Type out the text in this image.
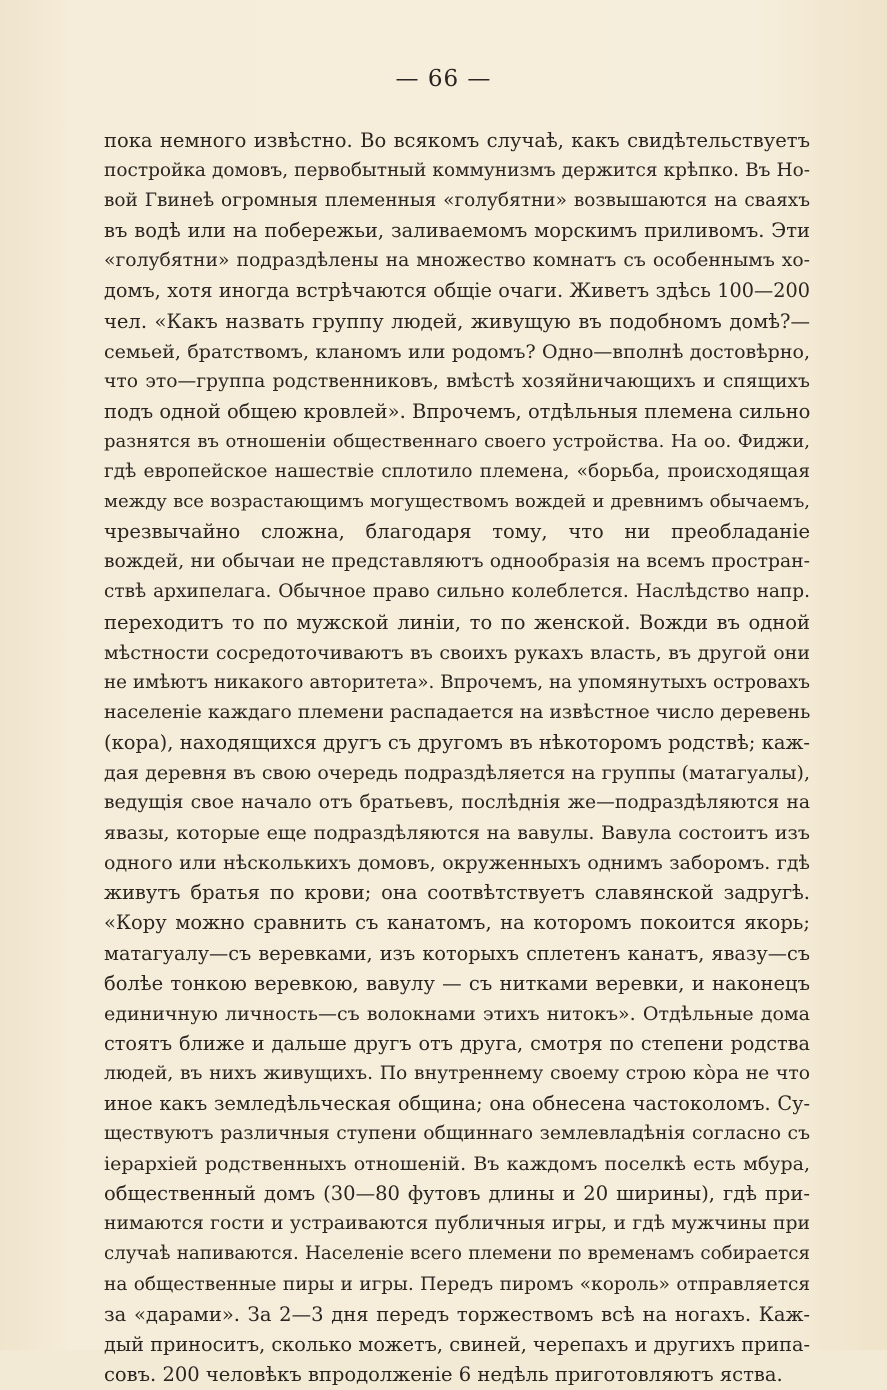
— 66 —
пока немного извѣстно. Во всякомъ случаѣ, какъ свидѣтельствуетъ
постройка домовъ, первобытный коммунизмъ держится крѣпко. Въ Но-
вой Гвинеѣ огромныя племенныя «голубятни» возвышаются на сваяхъ
въ водѣ или на побережьи, заливаемомъ морскимъ приливомъ. Эти
«голубятни» подраздѣлены на множество комнатъ съ особеннымъ хо-
домъ, хотя иногда встрѣчаются общіе очаги. Живетъ здѣсь 100—200
чел. «Какъ назвать группу людей, живущую въ подобномъ домѣ?—
семьей, братствомъ, кланомъ или родомъ? Одно—вполнѣ достовѣрно,
что это—группа родственниковъ, вмѣстѣ хозяйничающихъ и спящихъ
подъ одной общею кровлей». Впрочемъ, отдѣльныя племена сильно
разнятся въ отношеніи общественнаго своего устройства. На оо. Фиджи,
гдѣ европейское нашествіе сплотило племена, «борьба, происходящая
между все возрастающимъ могуществомъ вождей и древнимъ обычаемъ,
чрезвычайно сложна, благодаря тому, что ни преобладаніе
вождей, ни обычаи не представляютъ однообразія на всемъ простран-
ствѣ архипелага. Обычное право сильно колеблется. Наслѣдство напр.
переходитъ то по мужской линіи, то по женской. Вожди въ одной
мѣстности сосредоточиваютъ въ своихъ рукахъ власть, въ другой они
не имѣютъ никакого авторитета». Впрочемъ, на упомянутыхъ островахъ
населеніе каждаго племени распадается на извѣстное число деревень
(кора), находящихся другъ съ другомъ въ нѣкоторомъ родствѣ; каж-
дая деревня въ свою очередь подраздѣляется на группы (матагуалы),
ведущія свое начало отъ братьевъ, послѣднія же—подраздѣляются на
явазы, которые еще подраздѣляются на вавулы. Вавула состоитъ изъ
одного или нѣсколькихъ домовъ, окруженныхъ однимъ заборомъ. гдѣ
живутъ братья по крови; она соотвѣтствуетъ славянской задругѣ.
«Кору можно сравнить съ канатомъ, на которомъ покоится якорь;
матагуалу—съ веревками, изъ которыхъ сплетенъ канатъ, явазу—съ
болѣе тонкою веревкою, вавулу — съ нитками веревки, и наконецъ
единичную личность—съ волокнами этихъ нитокъ». Отдѣльные дома
стоятъ ближе и дальше другъ отъ друга, смотря по степени родства
людей, въ нихъ живущихъ. По внутреннему своему строю кòра не что
иное какъ земледѣльческая община; она обнесена частоколомъ. Су-
ществуютъ различныя ступени общиннаго землевладѣнія согласно съ
іерархіей родственныхъ отношеній. Въ каждомъ поселкѣ есть мбура,
общественный домъ (30—80 футовъ длины и 20 ширины), гдѣ при-
нимаются гости и устраиваются публичныя игры, и гдѣ мужчины при
случаѣ напиваются. Населеніе всего племени по временамъ собирается
на общественные пиры и игры. Передъ пиромъ «король» отправляется
за «дарами». За 2—3 дня передъ торжествомъ всѣ на ногахъ. Каж-
дый приноситъ, сколько можетъ, свиней, черепахъ и другихъ припа-
совъ. 200 человѣкъ впродолженіе 6 недѣль приготовляютъ яства.
